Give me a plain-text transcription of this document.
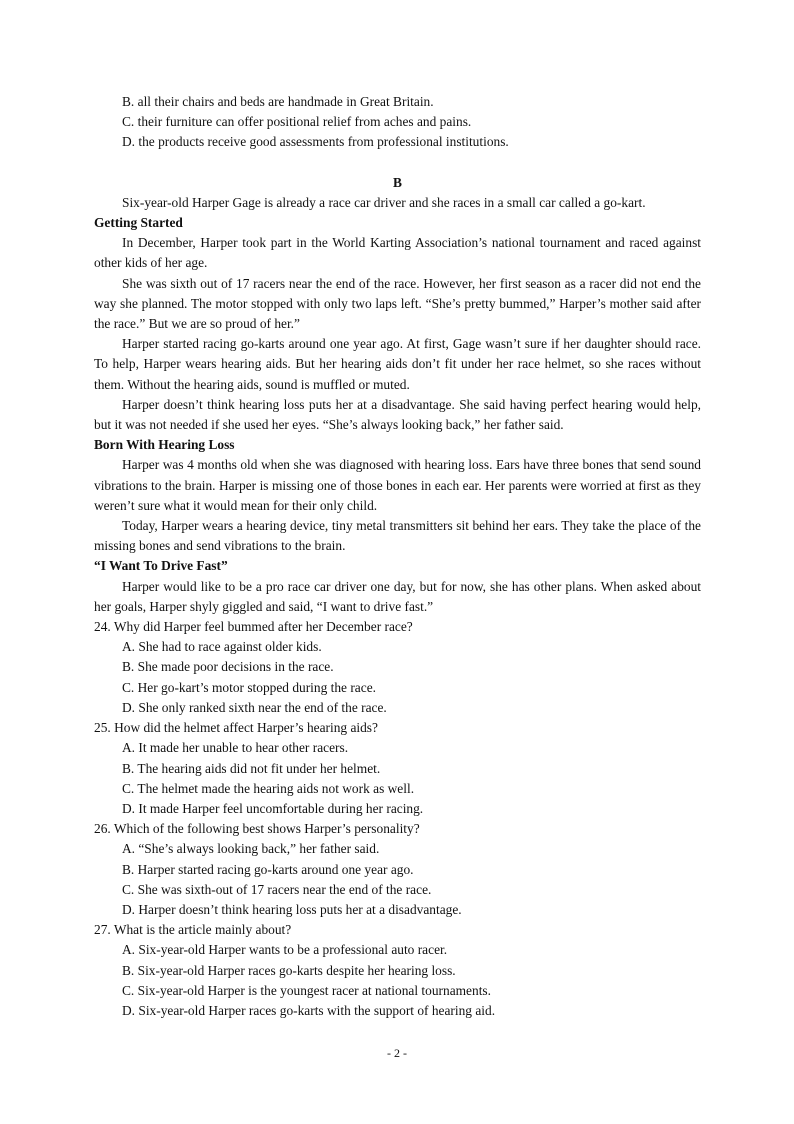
B. all their chairs and beds are handmade in Great Britain.
C. their furniture can offer positional relief from aches and pains.
D. the products receive good assessments from professional institutions.
B
Six-year-old Harper Gage is already a race car driver and she races in a small car called a go-kart.
Getting Started

In December, Harper took part in the World Karting Association’s national tournament and raced against other kids of her age.

She was sixth out of 17 racers near the end of the race. However, her first season as a racer did not end the way she planned. The motor stopped with only two laps left. “She’s pretty bummed,” Harper’s mother said after the race.” But we are so proud of her.”

Harper started racing go-karts around one year ago. At first, Gage wasn’t sure if her daughter should race. To help, Harper wears hearing aids. But her hearing aids don’t fit under her race helmet, so she races without them. Without the hearing aids, sound is muffled or muted.

Harper doesn’t think hearing loss puts her at a disadvantage. She said having perfect hearing would help, but it was not needed if she used her eyes. “She’s always looking back,” her father said.

Born With Hearing Loss

Harper was 4 months old when she was diagnosed with hearing loss. Ears have three bones that send sound vibrations to the brain. Harper is missing one of those bones in each ear. Her parents were worried at first as they weren’t sure what it would mean for their only child.

Today, Harper wears a hearing device, tiny metal transmitters sit behind her ears. They take the place of the missing bones and send vibrations to the brain.

“I Want To Drive Fast”

Harper would like to be a pro race car driver one day, but for now, she has other plans. When asked about her goals, Harper shyly giggled and said, “I want to drive fast.”

24. Why did Harper feel bummed after her December race?
A. She had to race against older kids.
B. She made poor decisions in the race.
C. Her go-kart’s motor stopped during the race.
D. She only ranked sixth near the end of the race.
25. How did the helmet affect Harper’s hearing aids?
A. It made her unable to hear other racers.
B. The hearing aids did not fit under her helmet.
C. The helmet made the hearing aids not work as well.
D. It made Harper feel uncomfortable during her racing.
26. Which of the following best shows Harper’s personality?
A. “She’s always looking back,” her father said.
B. Harper started racing go-karts around one year ago.
C. She was sixth-out of 17 racers near the end of the race.
D. Harper doesn’t think hearing loss puts her at a disadvantage.
27. What is the article mainly about?
A. Six-year-old Harper wants to be a professional auto racer.
B. Six-year-old Harper races go-karts despite her hearing loss.
C. Six-year-old Harper is the youngest racer at national tournaments.
D. Six-year-old Harper races go-karts with the support of hearing aid.
- 2 -
